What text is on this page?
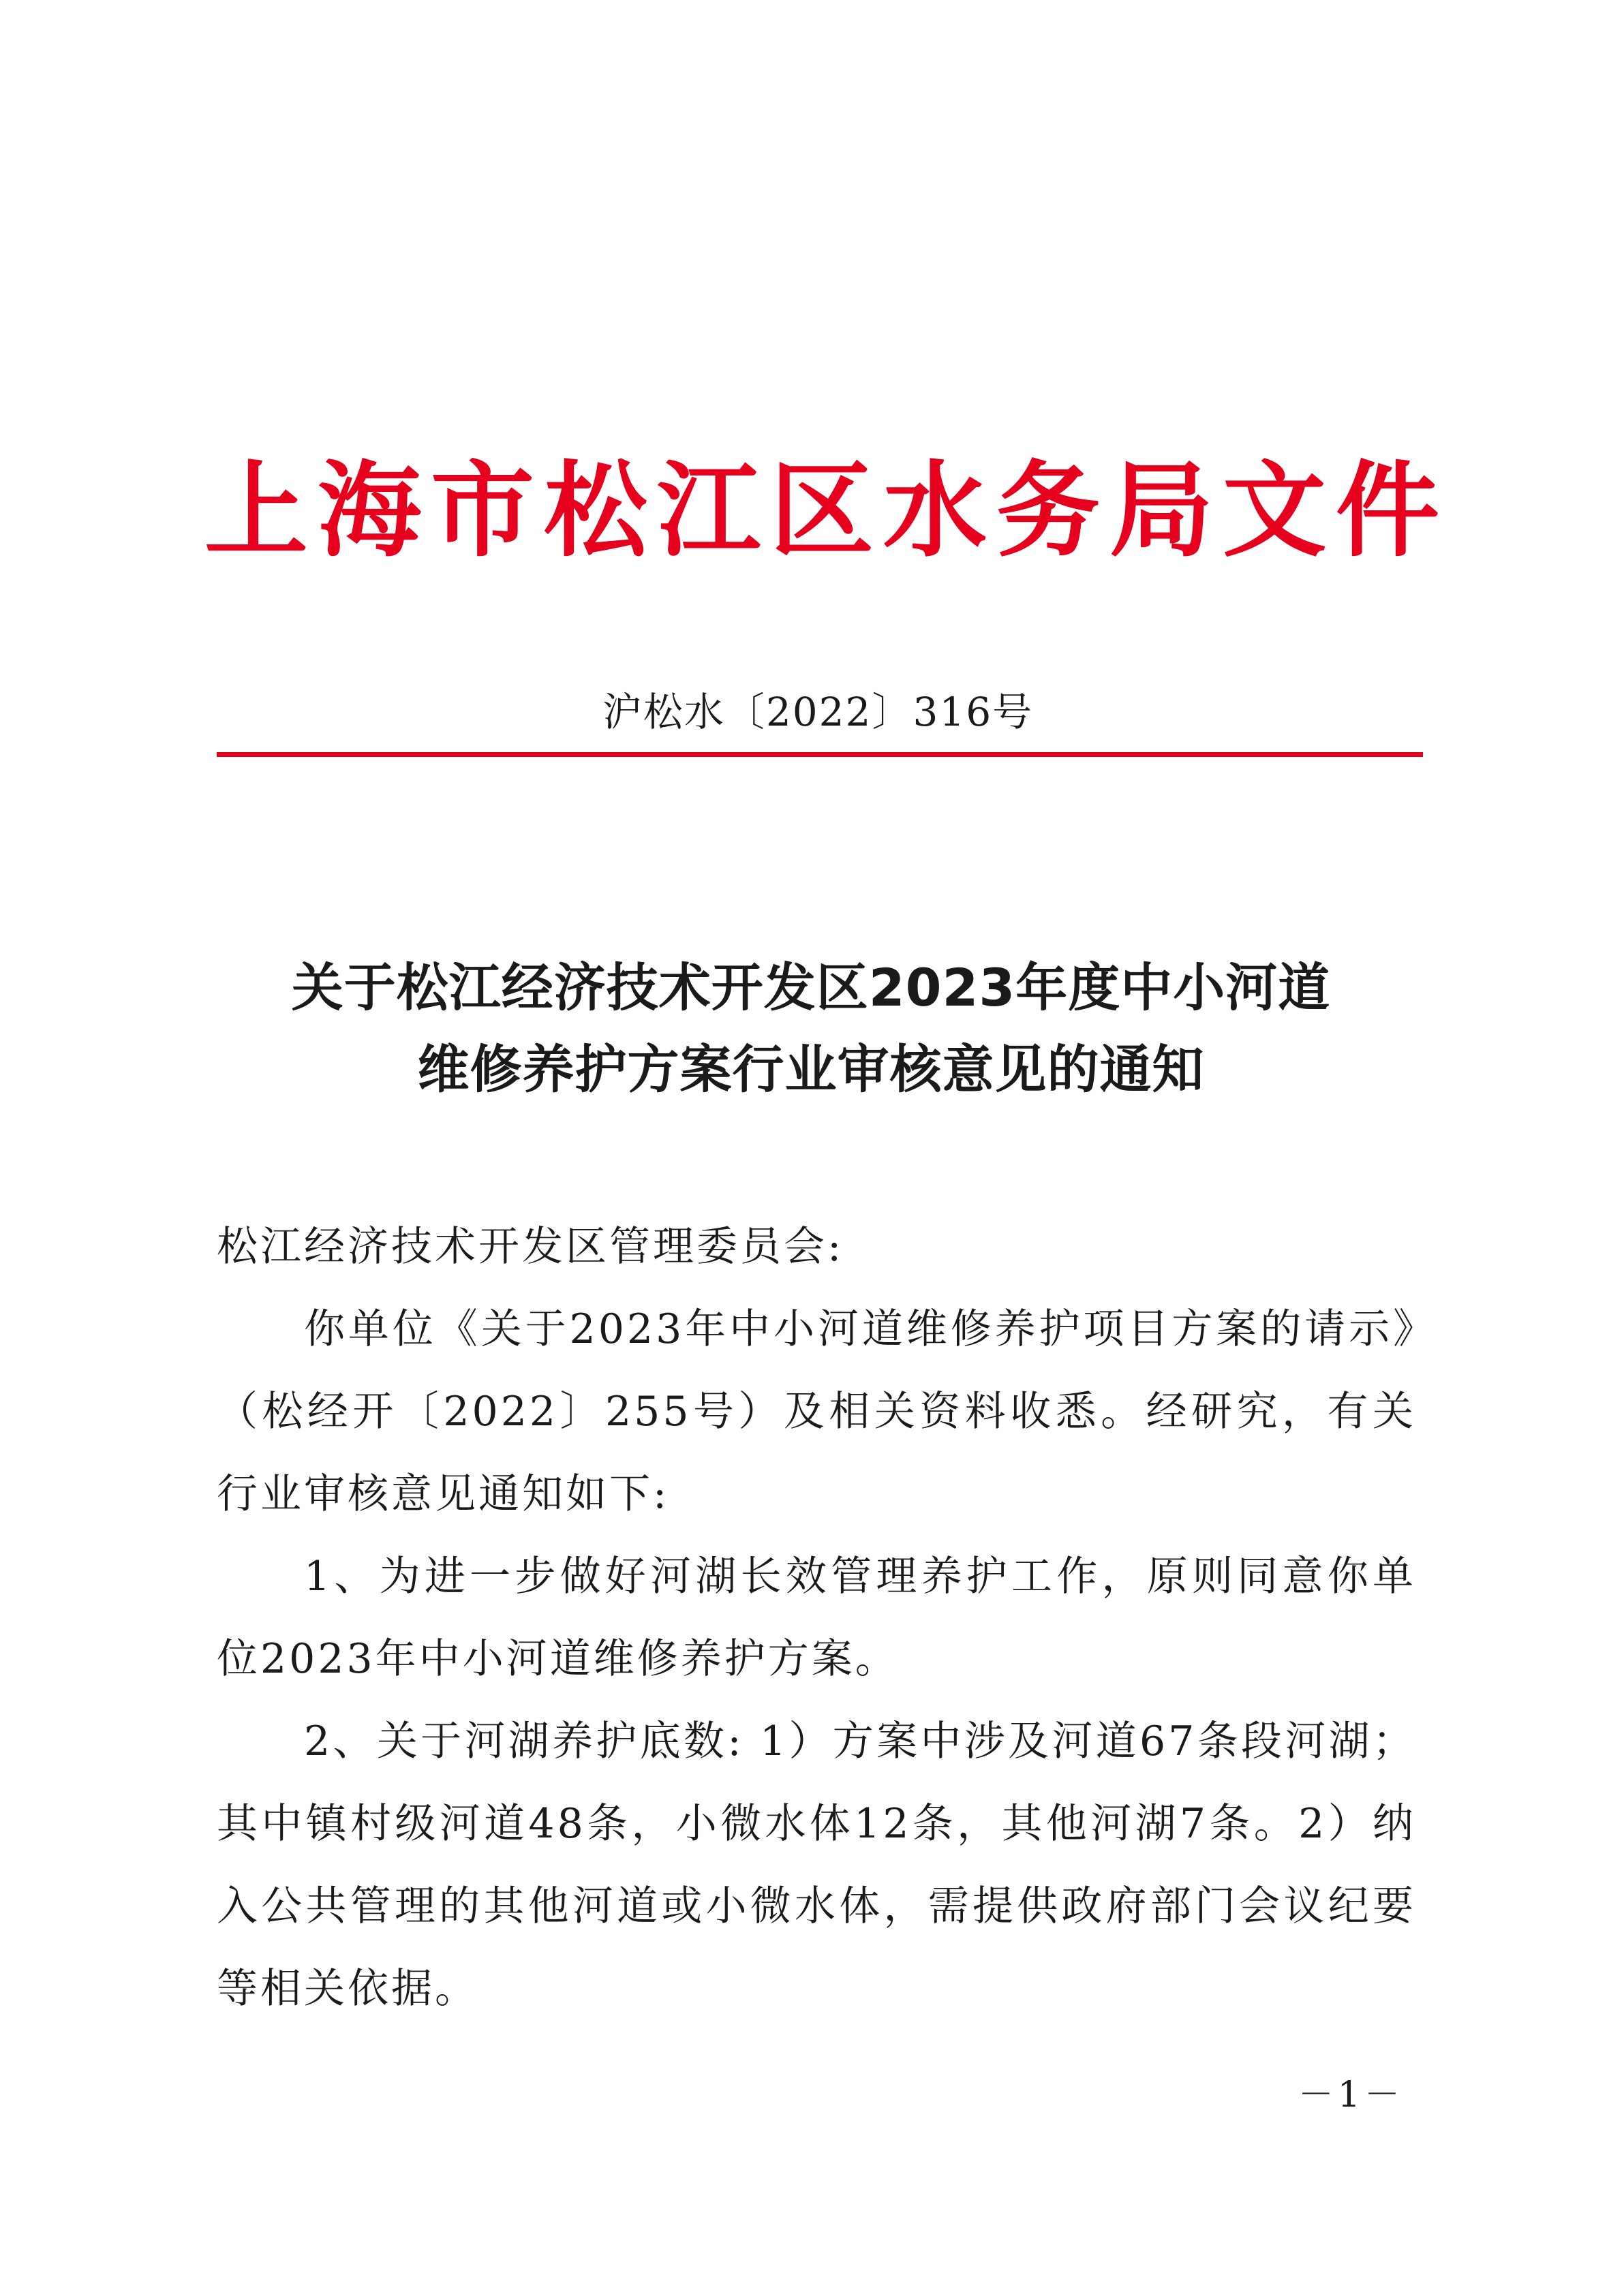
上海市松江区水务局文件
沪松水〔2022〕316号
关于松江经济技术开发区2023年度中小河道
维修养护方案行业审核意见的通知

松江经济技术开发区管理委员会:

你单位《关于2023年中小河道维修养护项目方案的请示》（松经开〔2022〕255号）及相关资料收悉。经研究，有关行业审核意见通知如下:

1、为进一步做好河湖长效管理养护工作，原则同意你单位2023年中小河道维修养护方案。

2、关于河湖养护底数: 1）方案中涉及河道67条段河湖；其中镇村级河道48条，小微水体12条，其他河湖7条。2）纳入公共管理的其他河道或小微水体，需提供政府部门会议纪要等相关依据。

－1－
